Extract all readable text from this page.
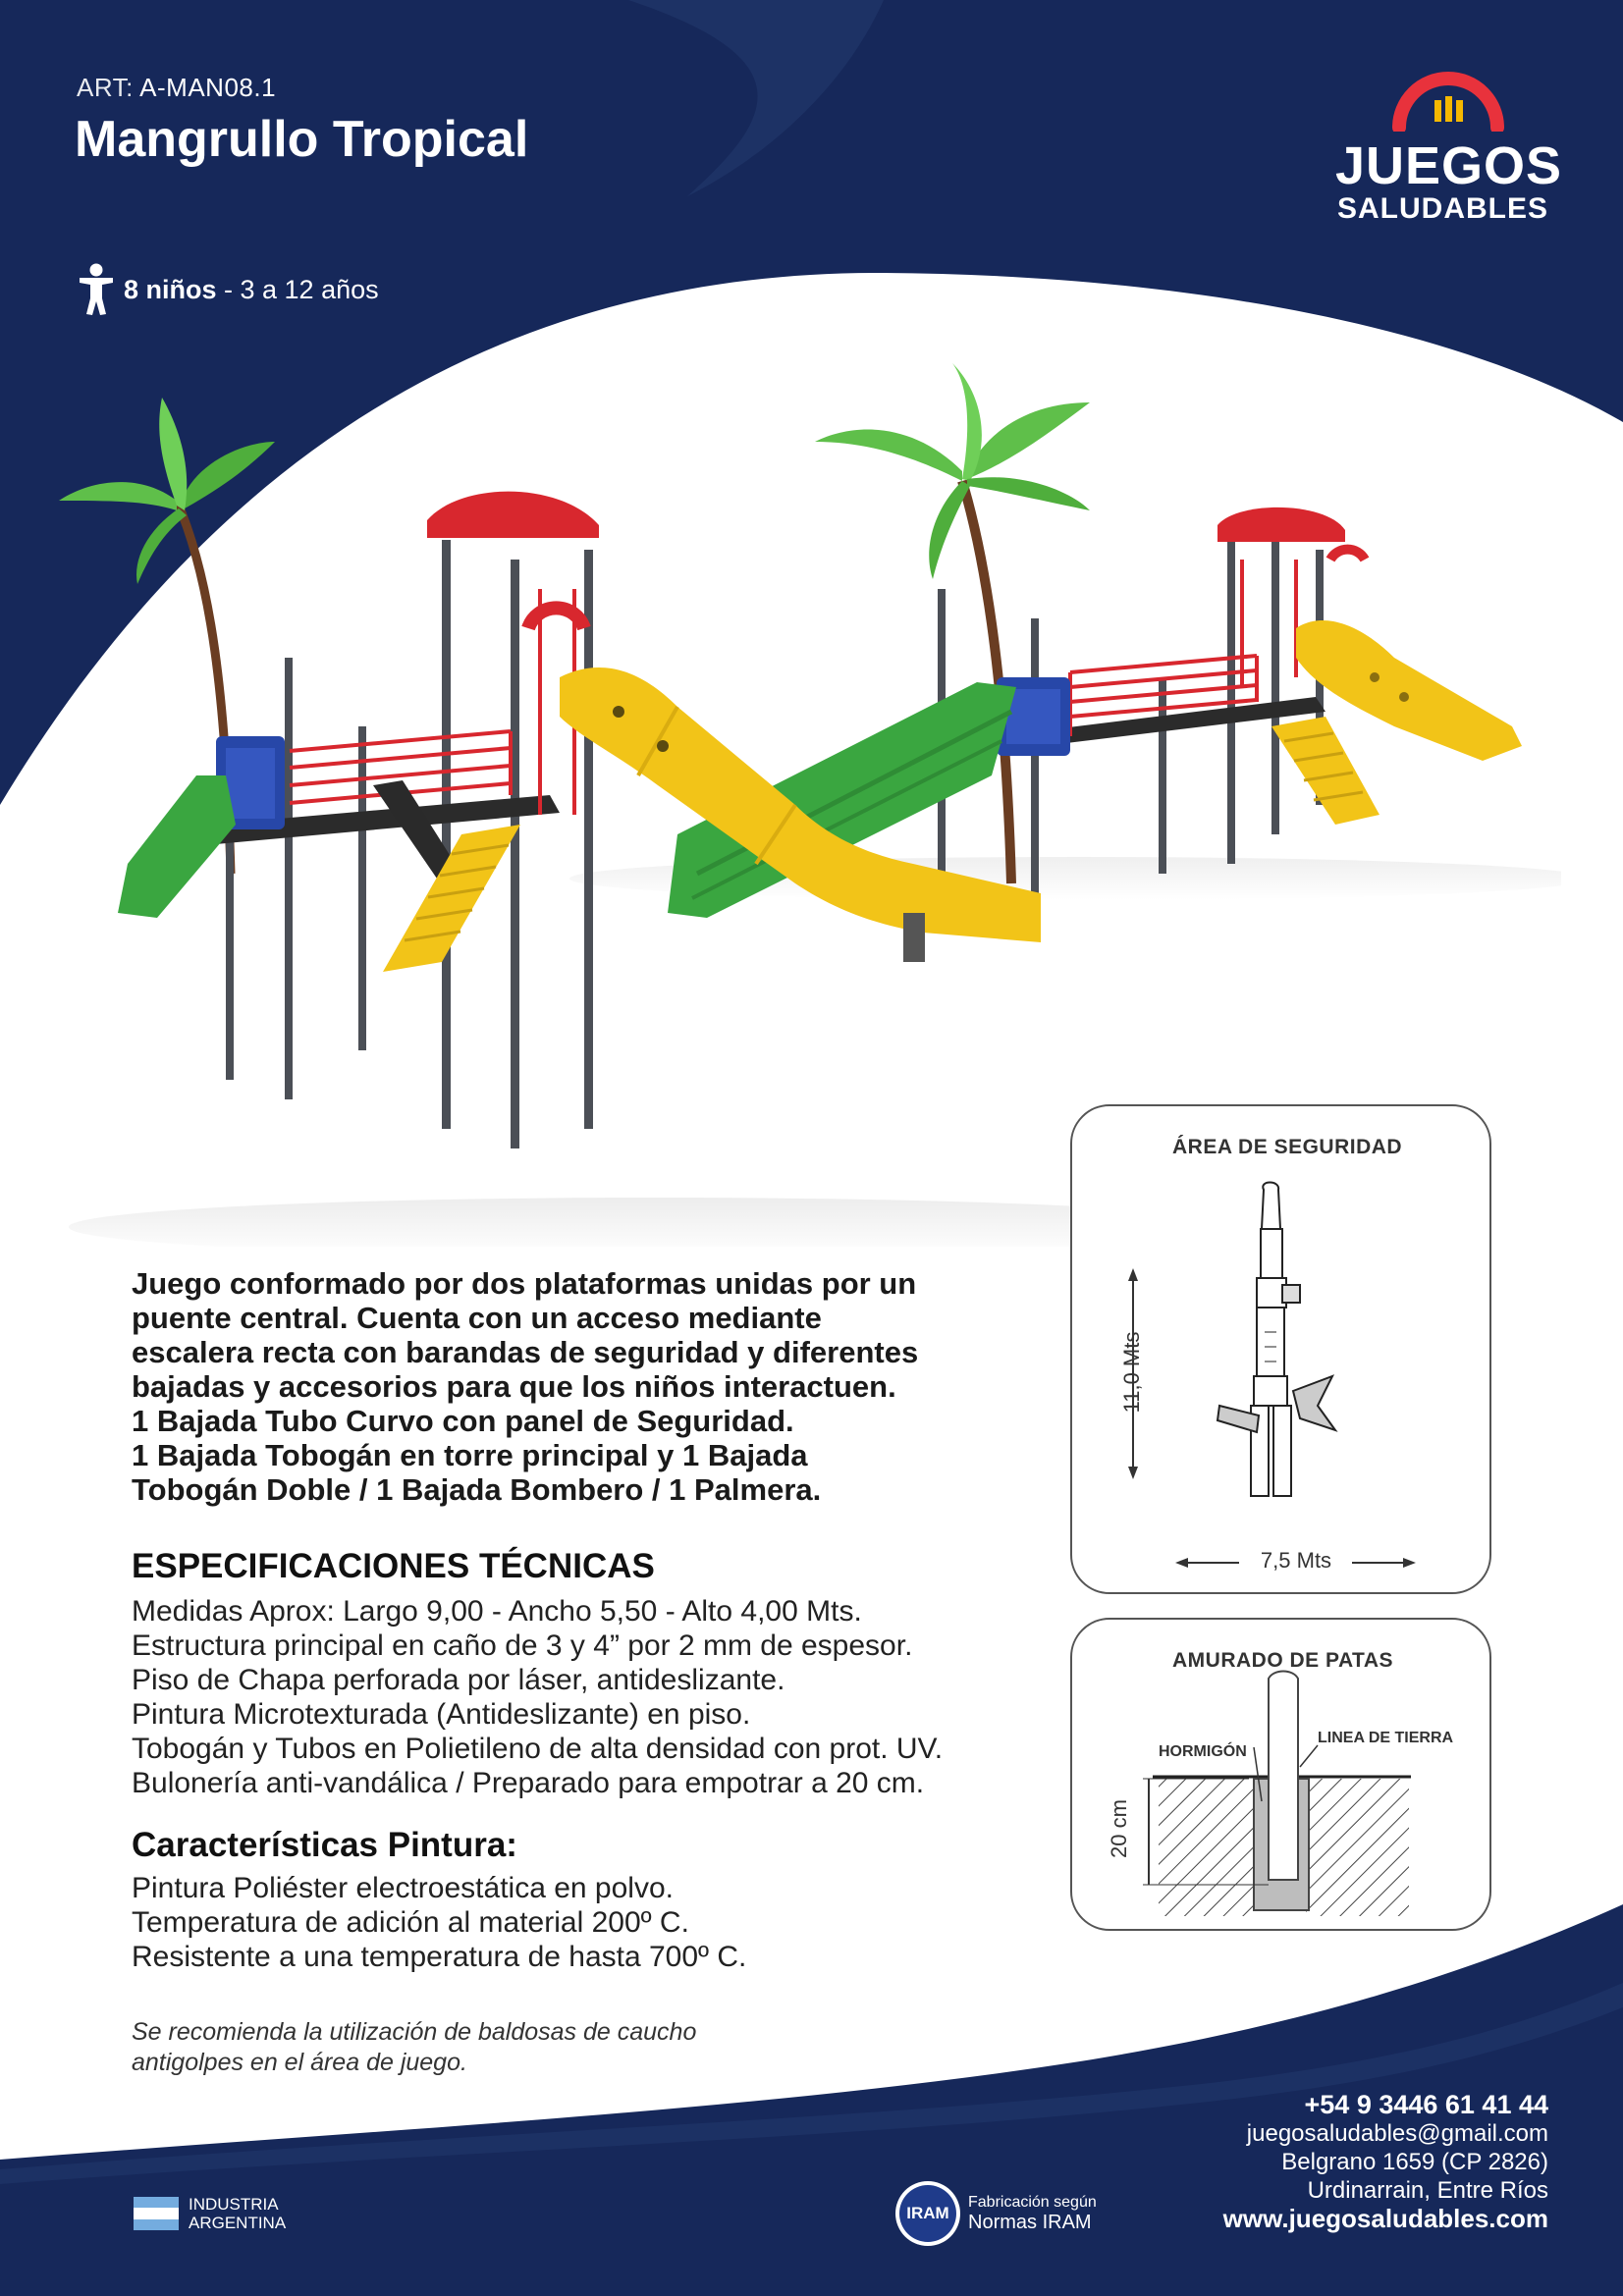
ART: A-MAN08.1
Mangrullo Tropical
8 niños - 3 a 12 años
JUEGOS
SALUDABLES
Juego conformado por dos plataformas unidas por un
puente central. Cuenta con un acceso mediante
escalera recta con barandas de seguridad y diferentes
bajadas y accesorios para que los niños interactuen.
1 Bajada Tubo Curvo con panel de Seguridad.
1 Bajada Tobogán en torre principal y 1 Bajada
Tobogán Doble / 1 Bajada Bombero / 1 Palmera.
ESPECIFICACIONES TÉCNICAS
Medidas Aprox: Largo 9,00 - Ancho 5,50 - Alto 4,00 Mts.
Estructura principal en caño de 3 y 4” por 2 mm de espesor.
Piso de Chapa perforada por láser, antideslizante.
Pintura Microtexturada (Antideslizante) en piso.
Tobogán y Tubos en Polietileno de alta densidad con prot. UV.
Bulonería anti-vandálica / Preparado para empotrar a 20 cm.
Características Pintura:
Pintura Poliéster electroestática en polvo.
Temperatura de adición al material 200º C.
Resistente a una temperatura de hasta 700º C.
Se recomienda la utilización de baldosas de caucho
antigolpes en el área de juego.
ÁREA DE SEGURIDAD
11,0 Mts
7,5 Mts
AMURADO DE PATAS
HORMIGÓN
LINEA DE TIERRA
20 cm
+54 9 3446 61 41 44
juegosaludables@gmail.com
Belgrano 1659 (CP 2826)
Urdinarrain, Entre Ríos
www.juegosaludables.com
INDUSTRIA
ARGENTINA
IRAM
Fabricación según
Normas IRAM
